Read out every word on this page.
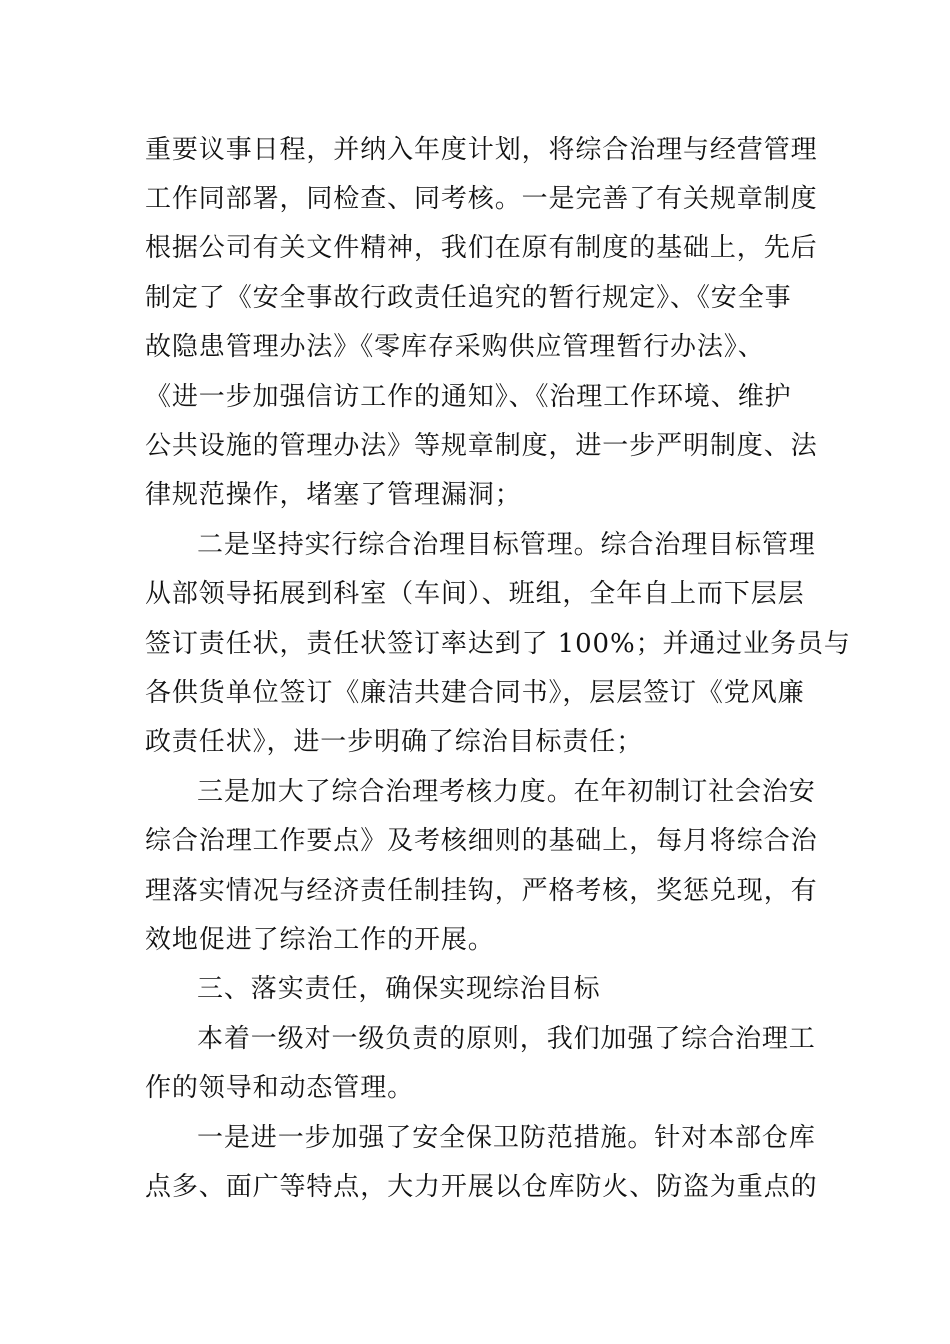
重要议事日程，并纳入年度计划，将综合治理与经营管理
工作同部署，同检查、同考核。一是完善了有关规章制度
根据公司有关文件精神，我们在原有制度的基础上，先后
制定了《安全事故行政责任追究的暂行规定》、《安全事
故隐患管理办法》《零库存采购供应管理暂行办法》、
《进一步加强信访工作的通知》、《治理工作环境、维护
公共设施的管理办法》等规章制度，进一步严明制度、法
律规范操作，堵塞了管理漏洞；
二是坚持实行综合治理目标管理。综合治理目标管理
从部领导拓展到科室（车间）、班组，全年自上而下层层
签订责任状，责任状签订率达到了 100%；并通过业务员与
各供货单位签订《廉洁共建合同书》，层层签订《党风廉
政责任状》，进一步明确了综治目标责任；
三是加大了综合治理考核力度。在年初制订社会治安
综合治理工作要点》及考核细则的基础上，每月将综合治
理落实情况与经济责任制挂钩，严格考核，奖惩兑现，有
效地促进了综治工作的开展。
三、落实责任，确保实现综治目标
本着一级对一级负责的原则，我们加强了综合治理工
作的领导和动态管理。
一是进一步加强了安全保卫防范措施。针对本部仓库
点多、面广等特点，大力开展以仓库防火、防盗为重点的
